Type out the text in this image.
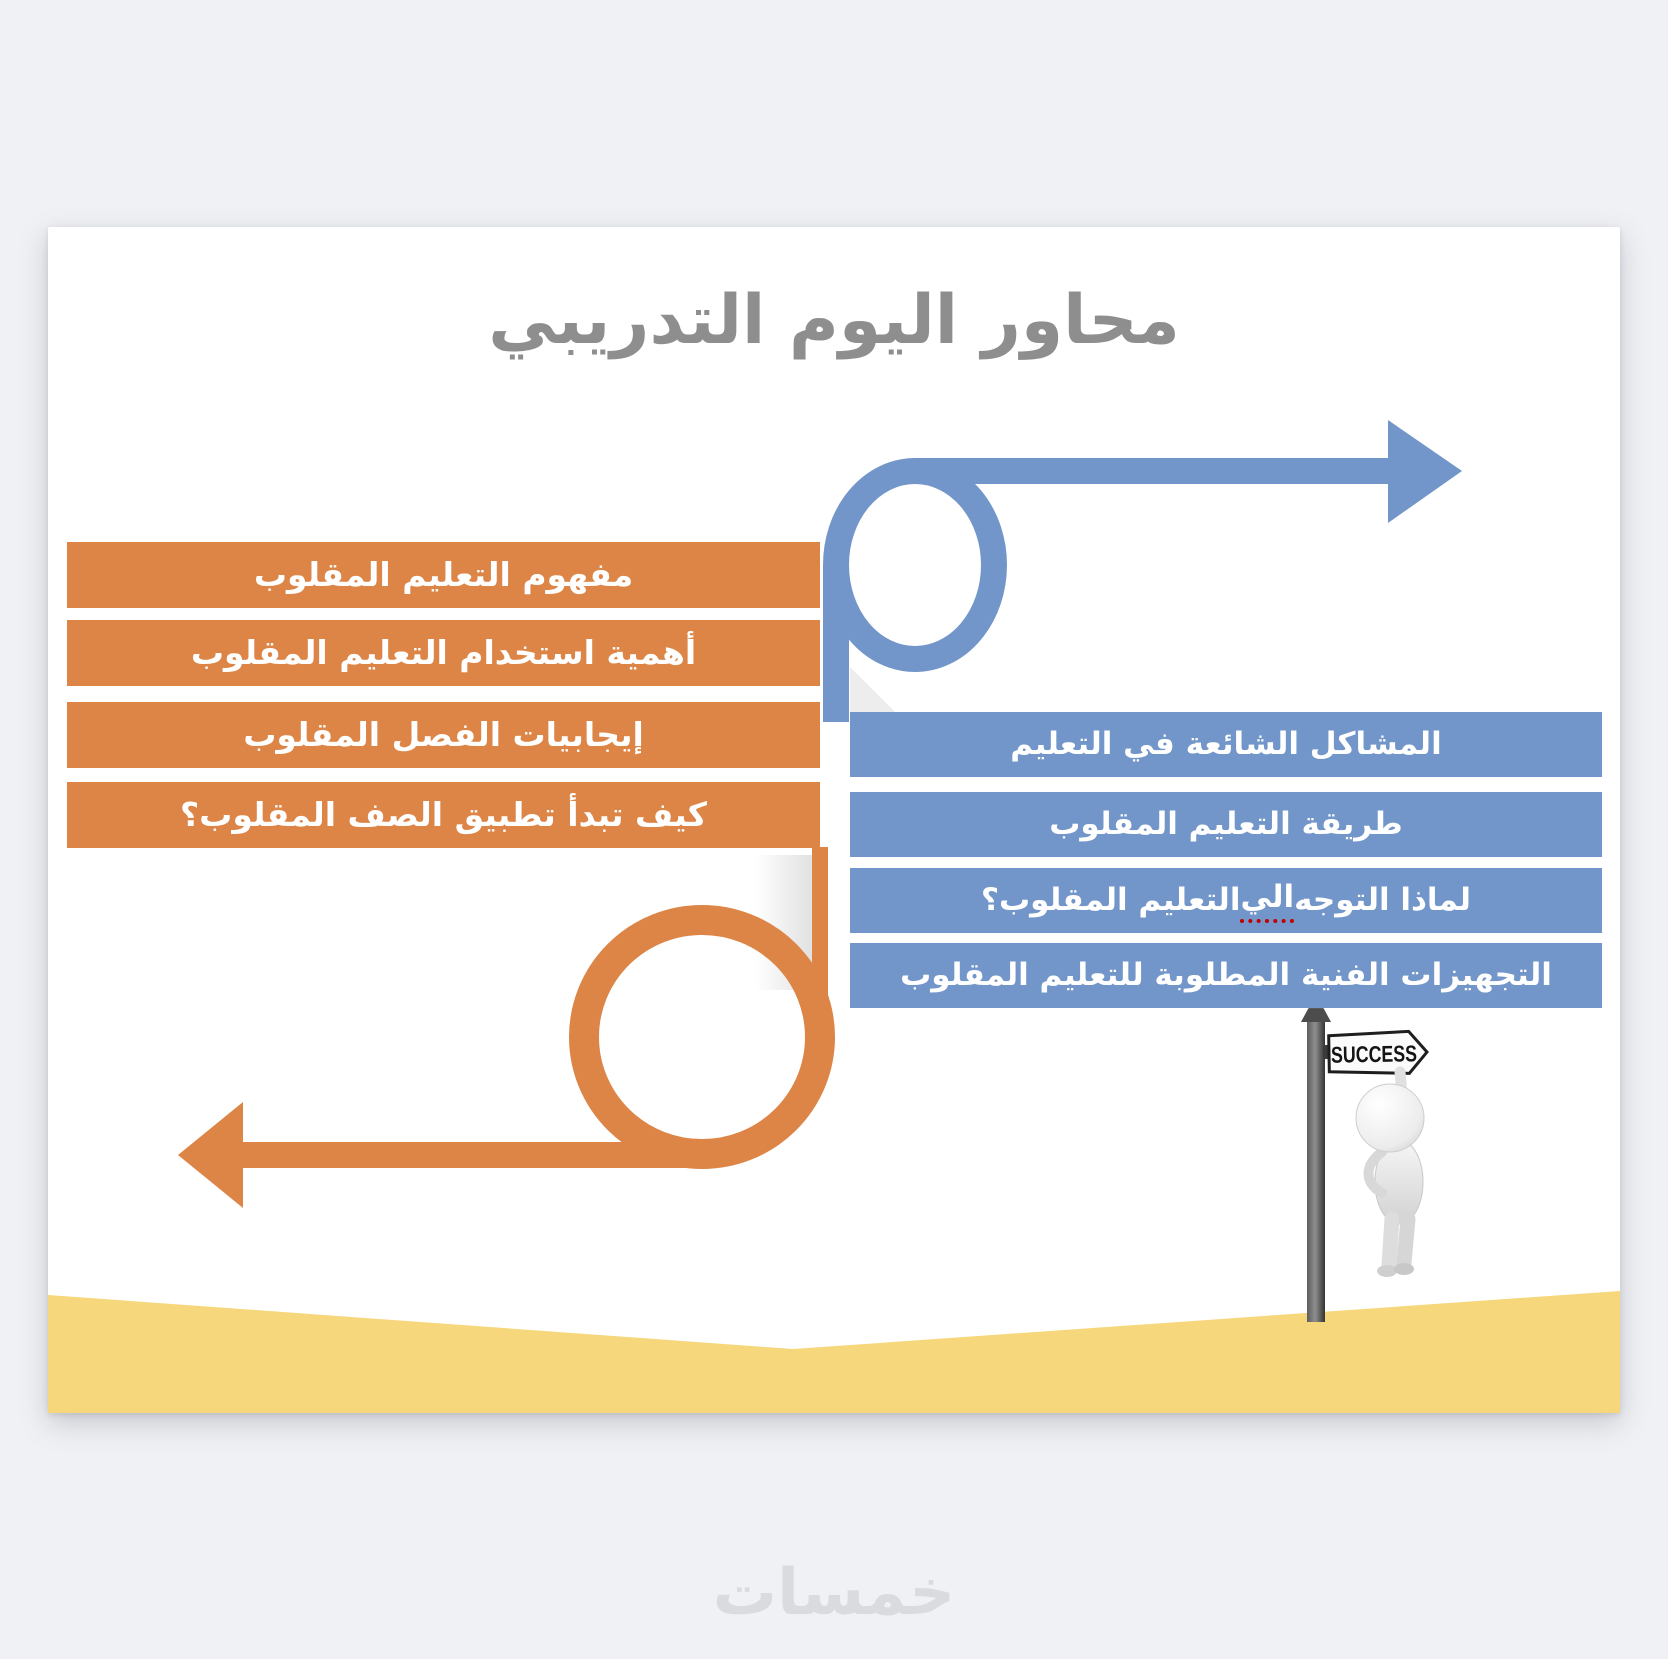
محاور اليوم التدريبي
SUCCESS
مفهوم التعليم المقلوب
أهمية استخدام التعليم المقلوب
إيجابيات الفصل المقلوب
كيف تبدأ تطبيق الصف المقلوب؟
المشاكل الشائعة في التعليم
طريقة التعليم المقلوب
لماذا التوجه
الي
التعليم المقلوب؟
التجهيزات الفنية المطلوبة للتعليم المقلوب
خمسات
